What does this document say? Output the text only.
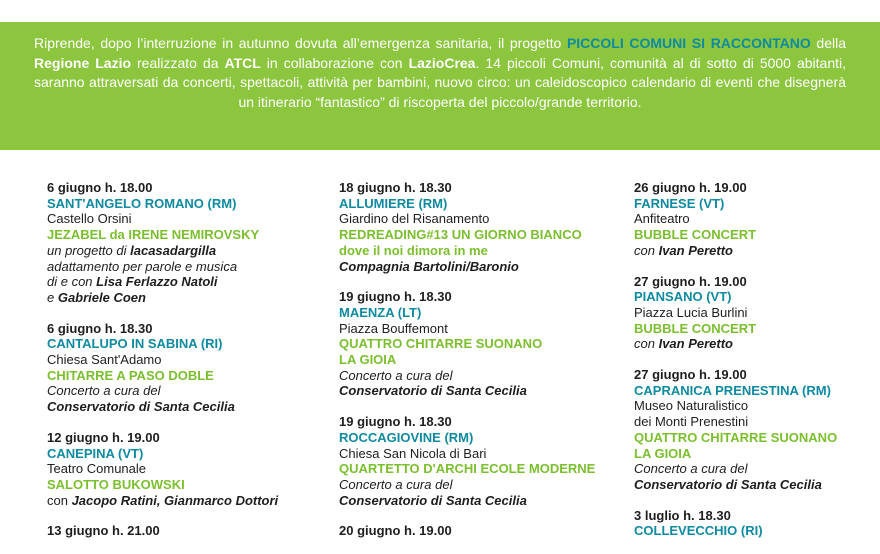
Riprende, dopo l’interruzione in autunno dovuta all’emergenza sanitaria, il progetto PICCOLI COMUNI SI RACCONTANO della Regione Lazio realizzato da ATCL in collaborazione con LazioCrea. 14 piccoli Comuni, comunità al di sotto di 5000 abitanti, saranno attraversati da concerti, spettacoli, attività per bambini, nuovo circo: un caleidoscopico calendario di eventi che disegnerà un itinerario “fantastico” di riscoperta del piccolo/grande territorio.

6 giugno h. 18.00
SANT'ANGELO ROMANO (RM)
Castello Orsini
JEZABEL da IRENE NEMIROVSKY
un progetto di lacasadargilla
adattamento per parole e musica
di e con Lisa Ferlazzo Natoli
e Gabriele Coen
6 giugno h. 18.30
CANTALUPO IN SABINA (RI)
Chiesa Sant'Adamo
CHITARRE A PASO DOBLE
Concerto a cura del
Conservatorio di Santa Cecilia
12 giugno h. 19.00
CANEPINA (VT)
Teatro Comunale
SALOTTO BUKOWSKI
con Jacopo Ratini, Gianmarco Dottori
13 giugno h. 21.00
18 giugno h. 18.30
ALLUMIERE (RM)
Giardino del Risanamento
REDREADING#13 UN GIORNO BIANCO
dove il noi dimora in me
Compagnia Bartolini/Baronio
19 giugno h. 18.30
MAENZA (LT)
Piazza Bouffemont
QUATTRO CHITARRE SUONANO
LA GIOIA
Concerto a cura del
Conservatorio di Santa Cecilia
19 giugno h. 18.30
ROCCAGIOVINE (RM)
Chiesa San Nicola di Bari
QUARTETTO D'ARCHI ECOLE MODERNE
Concerto a cura del
Conservatorio di Santa Cecilia
20 giugno h. 19.00
26 giugno h. 19.00
FARNESE (VT)
Anfiteatro
BUBBLE CONCERT
con Ivan Peretto
27 giugno h. 19.00
PIANSANO (VT)
Piazza Lucia Burlini
BUBBLE CONCERT
con Ivan Peretto
27 giugno h. 19.00
CAPRANICA PRENESTINA (RM)
Museo Naturalistico
dei Monti Prenestini
QUATTRO CHITARRE SUONANO
LA GIOIA
Concerto a cura del
Conservatorio di Santa Cecilia
3 luglio h. 18.30
COLLEVECCHIO (RI)
